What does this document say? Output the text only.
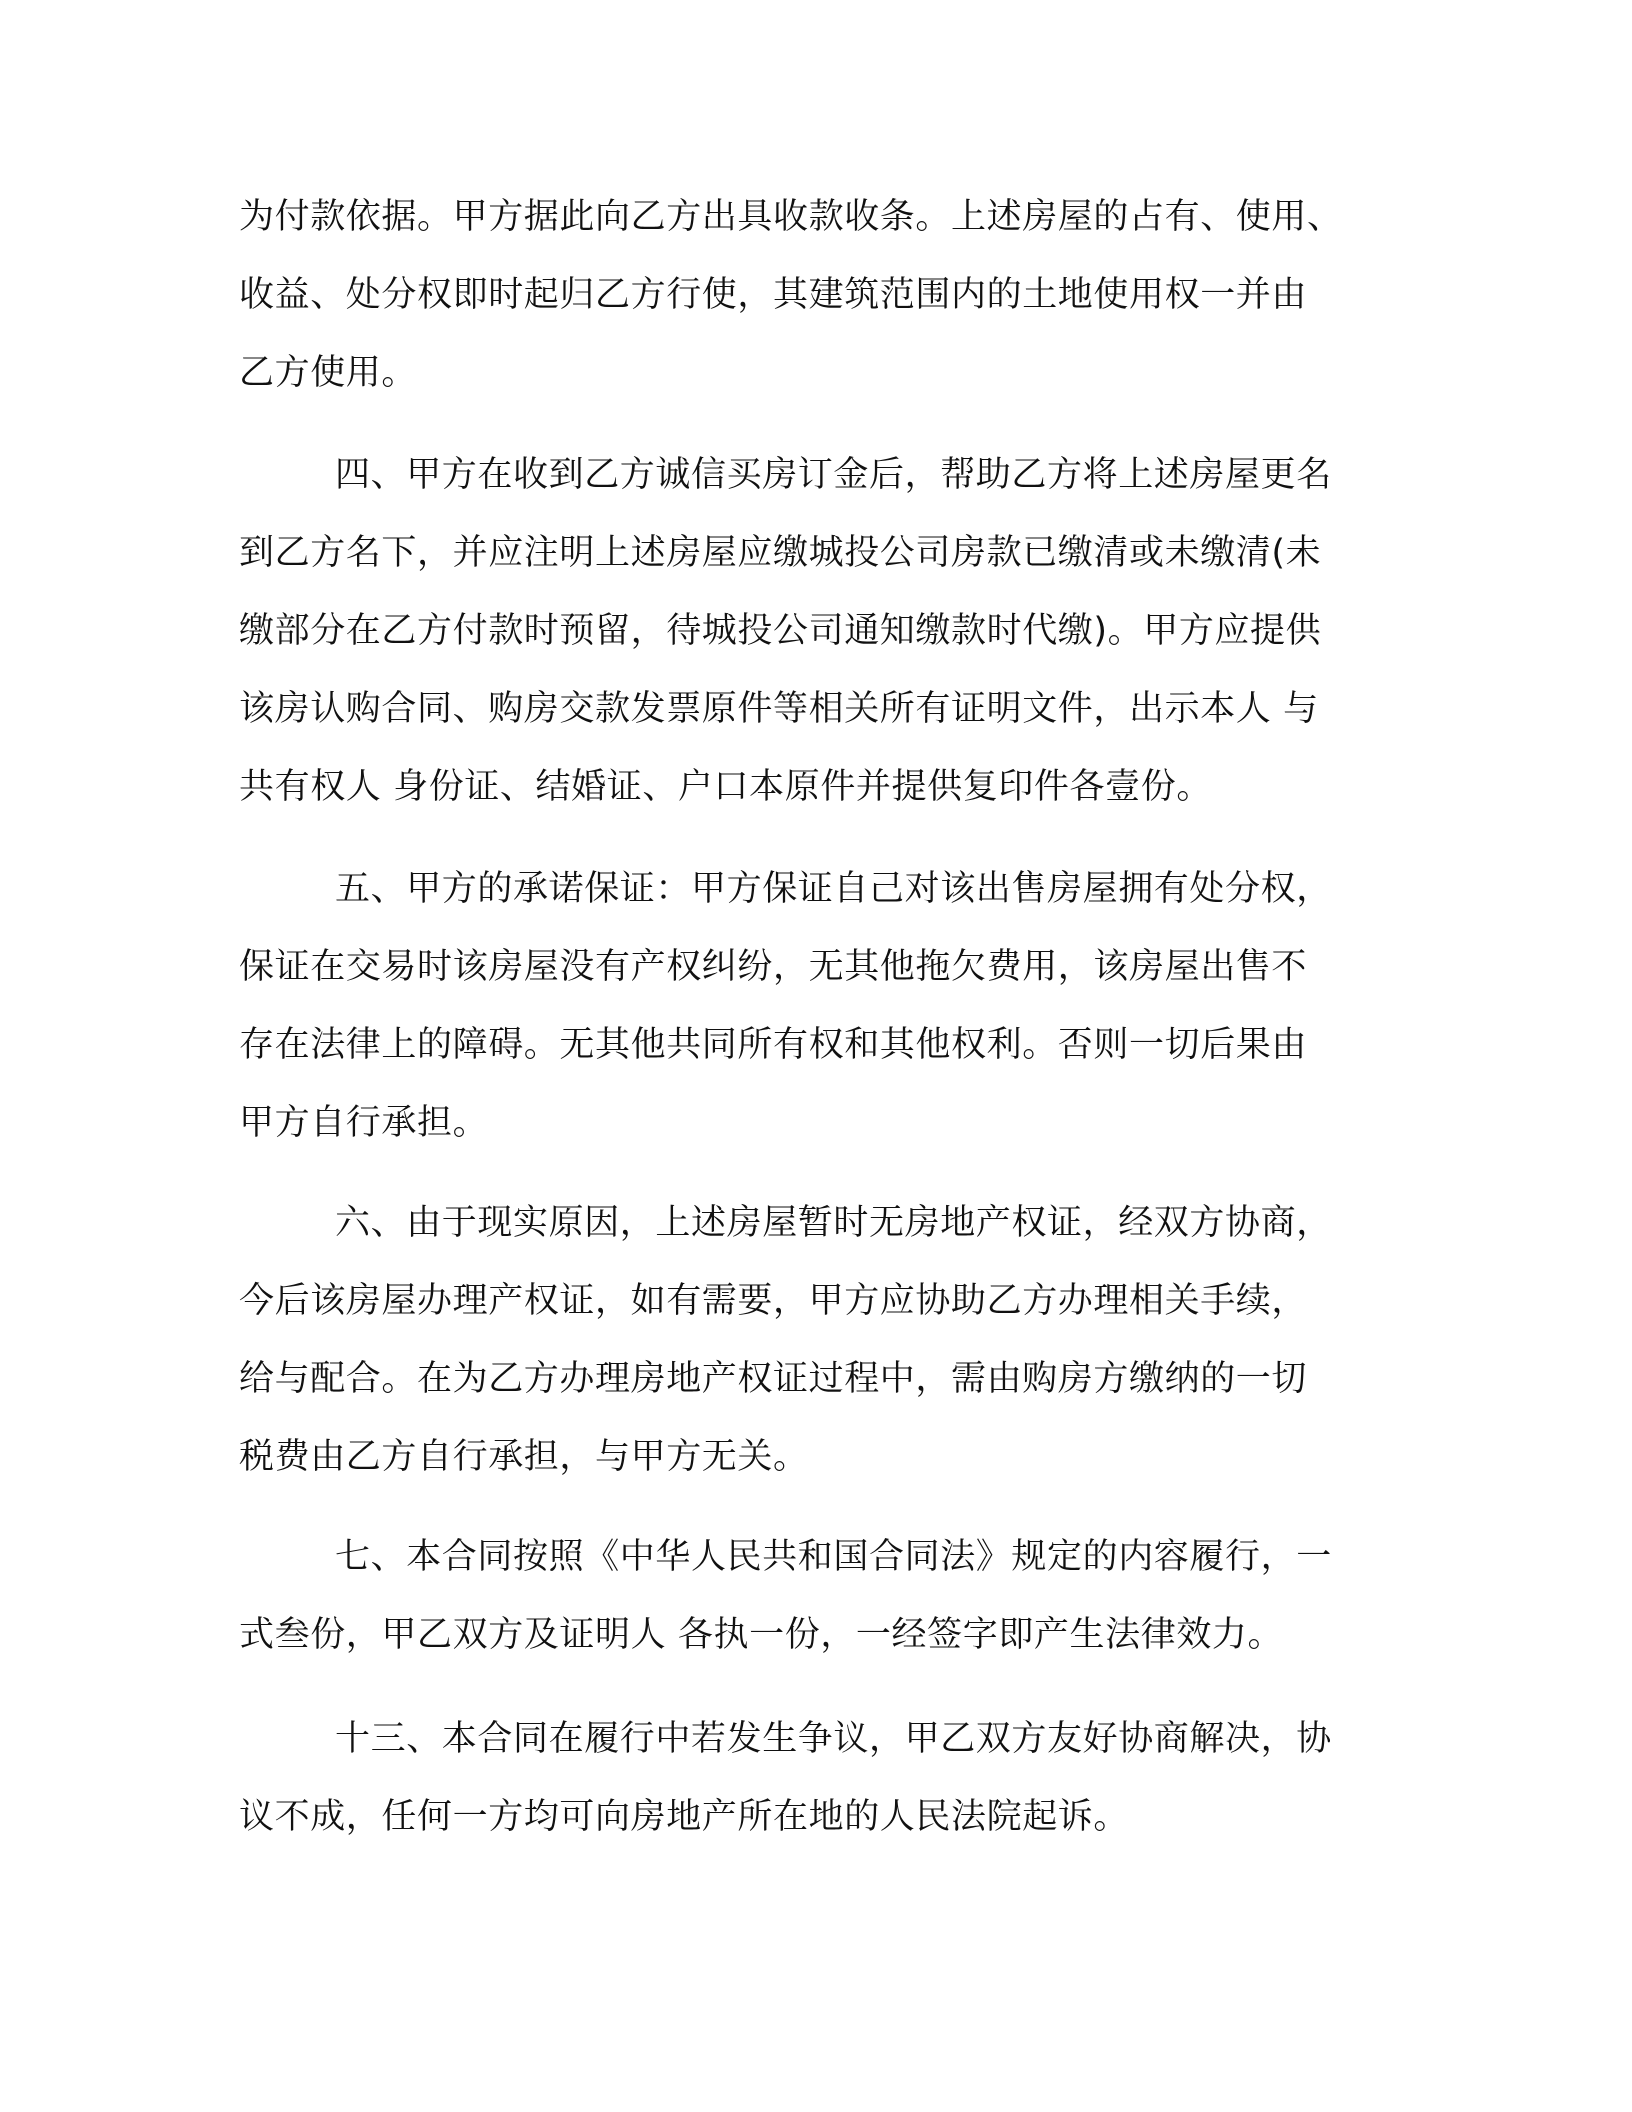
为付款依据。甲方据此向乙方出具收款收条。上述房屋的占有、使用、
收益、处分权即时起归乙方行使，其建筑范围内的土地使用权一并由
乙方使用。
四、甲方在收到乙方诚信买房订金后，帮助乙方将上述房屋更名
到乙方名下，并应注明上述房屋应缴城投公司房款已缴清或未缴清(未
缴部分在乙方付款时预留，待城投公司通知缴款时代缴)。甲方应提供
该房认购合同、购房交款发票原件等相关所有证明文件，出示本人 与
共有权人 身份证、结婚证、户口本原件并提供复印件各壹份。
五、甲方的承诺保证：甲方保证自己对该出售房屋拥有处分权，
保证在交易时该房屋没有产权纠纷，无其他拖欠费用，该房屋出售不
存在法律上的障碍。无其他共同所有权和其他权利。否则一切后果由
甲方自行承担。
六、由于现实原因，上述房屋暂时无房地产权证，经双方协商，
今后该房屋办理产权证，如有需要，甲方应协助乙方办理相关手续，
给与配合。在为乙方办理房地产权证过程中，需由购房方缴纳的一切
税费由乙方自行承担，与甲方无关。
七、本合同按照《中华人民共和国合同法》规定的内容履行，一
式叁份，甲乙双方及证明人 各执一份，一经签字即产生法律效力。
十三、本合同在履行中若发生争议，甲乙双方友好协商解决，协
议不成，任何一方均可向房地产所在地的人民法院起诉。
